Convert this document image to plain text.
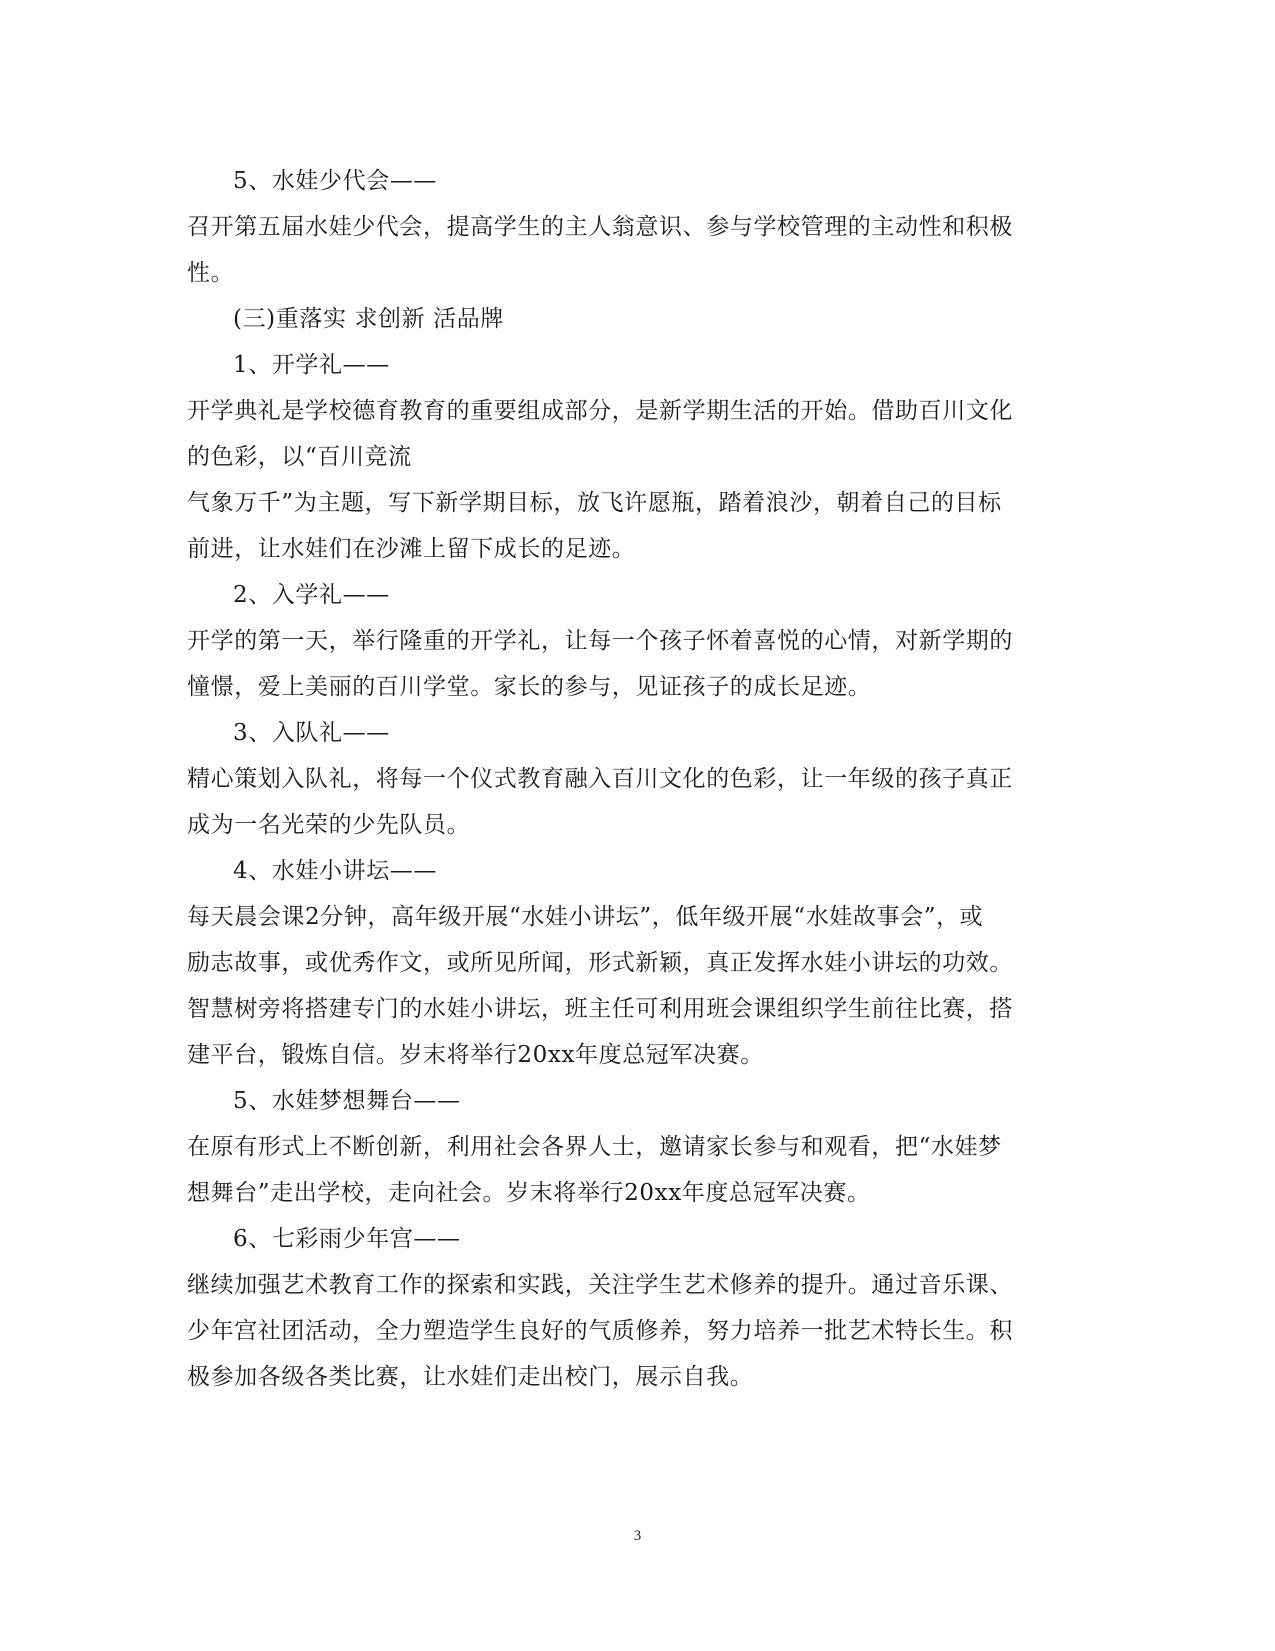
5、水娃少代会——
召开第五届水娃少代会，提高学生的主人翁意识、参与学校管理的主动性和积极
性。
(三)重落实 求创新 活品牌
1、开学礼——
开学典礼是学校德育教育的重要组成部分，是新学期生活的开始。借助百川文化
的色彩，以“百川竞流
气象万千”为主题，写下新学期目标，放飞许愿瓶，踏着浪沙，朝着自己的目标
前进，让水娃们在沙滩上留下成长的足迹。
2、入学礼——
开学的第一天，举行隆重的开学礼，让每一个孩子怀着喜悦的心情，对新学期的
憧憬，爱上美丽的百川学堂。家长的参与，见证孩子的成长足迹。
3、入队礼——
精心策划入队礼，将每一个仪式教育融入百川文化的色彩，让一年级的孩子真正
成为一名光荣的少先队员。
4、水娃小讲坛——
每天晨会课2分钟，高年级开展“水娃小讲坛”，低年级开展“水娃故事会”，或
励志故事，或优秀作文，或所见所闻，形式新颖，真正发挥水娃小讲坛的功效。
智慧树旁将搭建专门的水娃小讲坛，班主任可利用班会课组织学生前往比赛，搭
建平台，锻炼自信。岁末将举行20xx年度总冠军决赛。
5、水娃梦想舞台——
在原有形式上不断创新，利用社会各界人士，邀请家长参与和观看，把“水娃梦
想舞台”走出学校，走向社会。岁末将举行20xx年度总冠军决赛。
6、七彩雨少年宫——
继续加强艺术教育工作的探索和实践，关注学生艺术修养的提升。通过音乐课、
少年宫社团活动，全力塑造学生良好的气质修养，努力培养一批艺术特长生。积
极参加各级各类比赛，让水娃们走出校门，展示自我。
3
